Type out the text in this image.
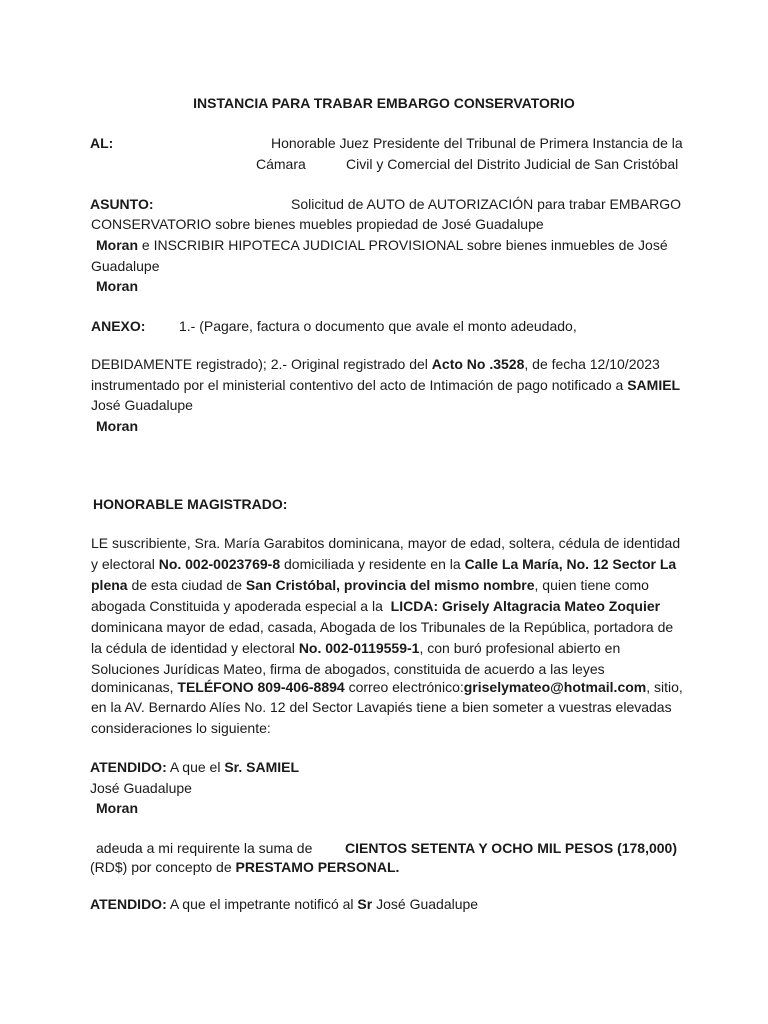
INSTANCIA PARA TRABAR EMBARGO CONSERVATORIO
AL:	Honorable Juez Presidente del Tribunal de Primera Instancia de la
Cámara	Civil y Comercial del Distrito Judicial de San Cristóbal
ASUNTO:	Solicitud de AUTO de AUTORIZACIÓN para trabar EMBARGO
CONSERVATORIO sobre bienes muebles propiedad de José Guadalupe
Moran e INSCRIBIR HIPOTECA JUDICIAL PROVISIONAL sobre bienes inmuebles de José
Guadalupe
Moran
ANEXO: 1.- (Pagare, factura o documento que avale el monto adeudado,
DEBIDAMENTE registrado); 2.- Original registrado del Acto No .3528, de fecha 12/10/2023
instrumentado por el ministerial contentivo del acto de Intimación de pago notificado a SAMIEL
José Guadalupe
Moran
HONORABLE MAGISTRADO:
LE suscribiente, Sra. María Garabitos dominicana, mayor de edad, soltera, cédula de identidad
y electoral No. 002-0023769-8 domiciliada y residente en la Calle La María, No. 12 Sector La
plena de esta ciudad de San Cristóbal, provincia del mismo nombre, quien tiene como
abogada Constituida y apoderada especial a la  LICDA: Grisely Altagracia Mateo Zoquier
dominicana mayor de edad, casada, Abogada de los Tribunales de la República, portadora de
la cédula de identidad y electoral No. 002-0119559-1, con buró profesional abierto en
Soluciones Jurídicas Mateo, firma de abogados, constituida de acuerdo a las leyes
dominicanas, TELÉFONO 809-406-8894 correo electrónico:griselymateo@hotmail.com, sitio,
en la AV. Bernardo Alíes No. 12 del Sector Lavapiés tiene a bien someter a vuestras elevadas
consideraciones lo siguiente:
ATENDIDO: A que el Sr. SAMIEL
José Guadalupe
Moran
adeuda a mi requirente la suma de CIENTOS SETENTA Y OCHO MIL PESOS (178,000)
(RD$) por concepto de PRESTAMO PERSONAL.
ATENDIDO: A que el impetrante notificó al Sr José Guadalupe
